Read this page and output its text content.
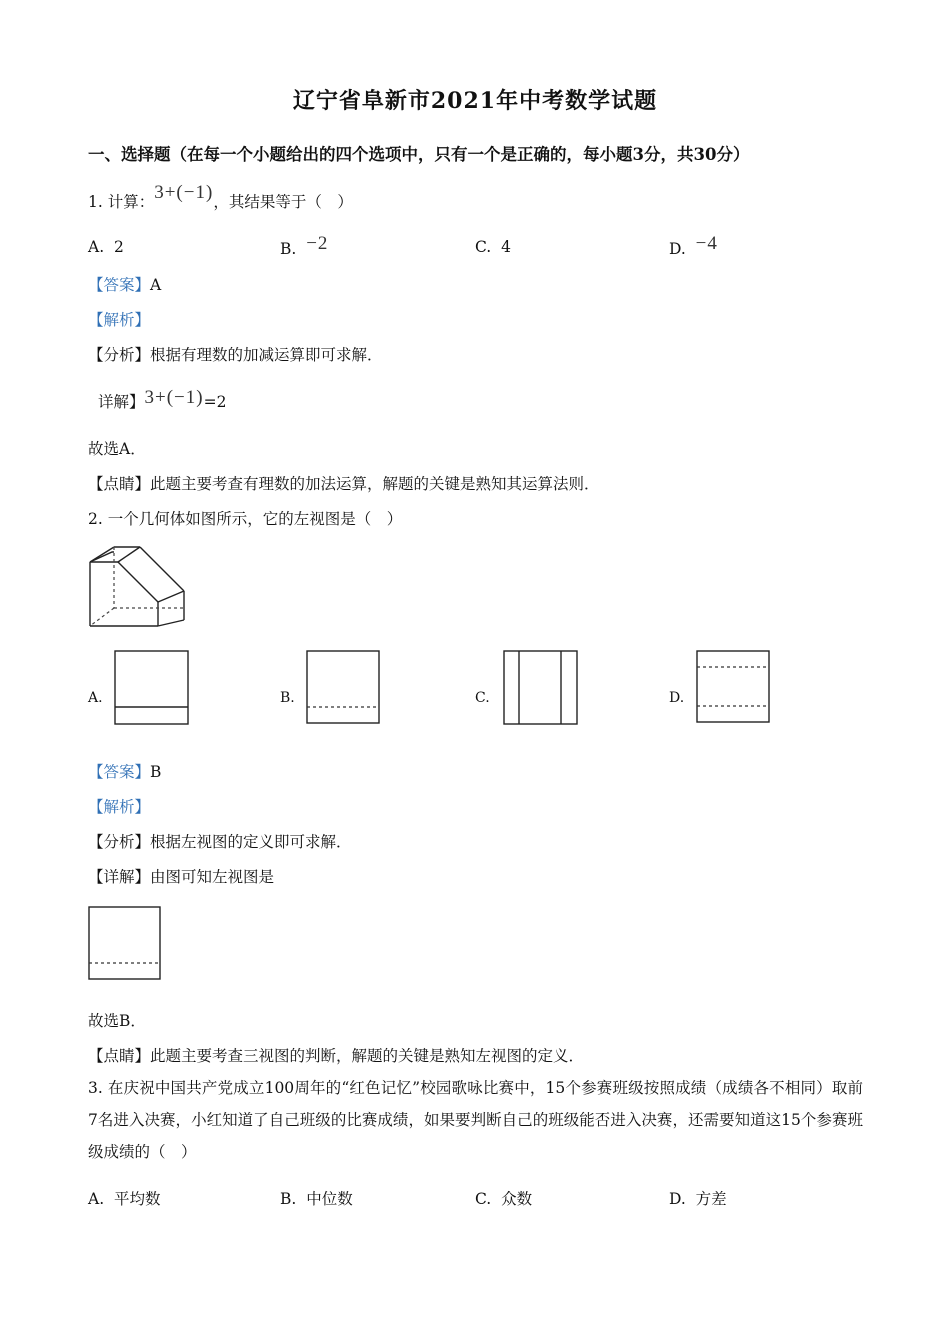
辽宁省阜新市2021年中考数学试题
一、选择题（在每一个小题给出的四个选项中，只有一个是正确的，每小题3分，共30分）
1. 计算：3+(−1)，其结果等于（　）
A. 2	B. −2	C. 4	D. −4
【答案】A
【解析】
【分析】根据有理数的加减运算即可求解．
详解】3+(−1)=2
故选A．
【点睛】此题主要考查有理数的加法运算，解题的关键是熟知其运算法则．
2. 一个几何体如图所示，它的左视图是（　）
A.	B.	C.	D.
【答案】B
【解析】
【分析】根据左视图的定义即可求解．
【详解】由图可知左视图是
故选B．
【点睛】此题主要考查三视图的判断，解题的关键是熟知左视图的定义．
3. 在庆祝中国共产党成立100周年的“红色记忆”校园歌咏比赛中，15个参赛班级按照成绩（成绩各不相同）取前7名进入决赛，小红知道了自己班级的比赛成绩，如果要判断自己的班级能否进入决赛，还需要知道这15个参赛班级成绩的（　）
A. 平均数	B. 中位数	C. 众数	D. 方差
